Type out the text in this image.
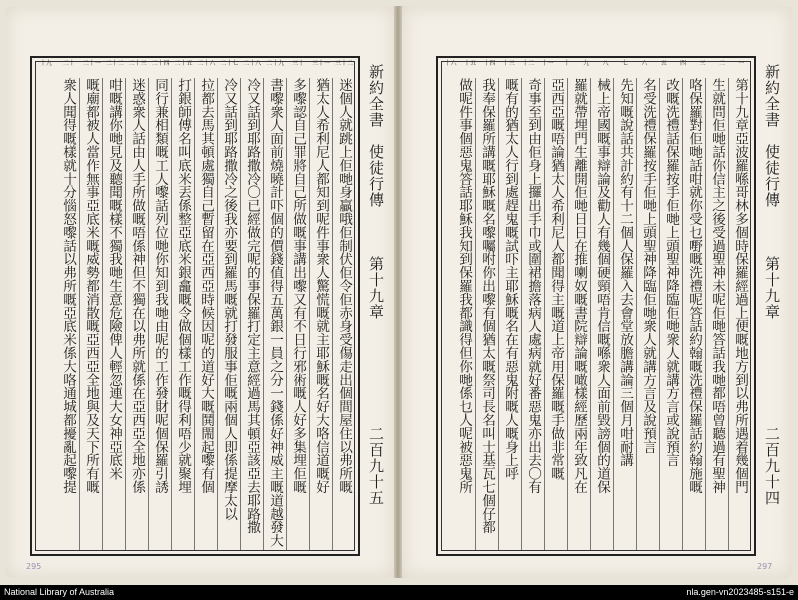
295
三十二
三十一
三十
二十九
二十八
二十七
二十六
二十五
二十四
二十三
二十二
二十一
二十
十九
迷個人就跳上佢哋身贏哦佢制伏佢令佢赤身受傷走出個間屋住以弗所嘅
猶太人希利尼人都知到呢件事衆人驚慌嘅就主耶穌嘅名好大咯信道嘅好
多嚟認自己罪將自己所做嘅事講出嚟又有不日行邪術嘅人好多集埋佢嘅
書嚟衆人面前燒曉計吓個的價錢值得五萬銀一員之分一錢係好神威主嘅道越發大
冷又話到耶路撒冷〇已經做完呢的事保羅打定主意經過馬其頓亞該亞去耶路撒
冷又話到耶路撒冷之後我亦要到羅馬嘅就打發服事佢嘅兩個人即係提摩太以
拉都去馬其頓處獨自己暫留在亞西亞時候因呢的道好大嘅鬨閙起嚟有個
打銀師傅名叫底米丟係整亞底米銀龕嘅令做個樣工作嘅得利唔少就聚埋
同行兼相類嘅工人嚟話列位哋你知到我哋由呢的工作發財呢個保羅引誘
迷惑衆人話由人手所做嘅唔係神但不獨在以弗所就係在亞西亞全地亦係
咁嘅講你哋見及聽聞嘅樣不獨我哋生意危險俾人輕忽連大女神亞底米
嘅廟都被人當作無事亞底米嘅威勢都消散嘅亞西亞全地與及天下所有嘅
衆人聞得嘅樣就十分惱怒嚟話以弗所嘅亞底米係大咯通城都擾亂起嚟提	新約全書
使徒行傳
第十九章
二百九十五
297
一
二
三
四
五
六
七
八
九
十
十一
十二
十三
十四
十五
十六
第十九章亞波羅喺哥林多個時保羅經過上便嘅地方到以弗所遇着幾個門
生就問佢哋話你信主之後受過聖神未呢佢哋答話我哋都唔曾聽過有聖神
咯保羅對佢哋話咁就你受乜嘢嘅洗禮呢答話約翰嘅洗禮保羅話約翰施嘅
改嘅洗禮話保羅按手佢哋上頭聖神降臨佢哋衆人就講方言或說預言
名受洗禮保羅按手佢哋上頭聖神降臨佢哋衆人就講方言及說預言
先知嘅說話共計約有十二個人保羅入去會堂放膽講論三個月咁耐講
械上帝國嘅事辯論及勸人有幾個硬頸唔肯信嘅喺衆人面前毀謗個的道保
羅就帶埋門生離開佢哋日日在推喇奴嘅書院辯論嘅噉樣經歷兩年致凡在
亞西亞嘅唔論猶太人希利尼人都聞得主嘅道上帝用保羅嘅手做非常嘅
奇事至到由佢身上攞出手巾或圍裙擔落病人處病就好番惡鬼亦出去〇有
嘅有的猶太人行到處趕鬼嘅試吓主耶穌嘅名在有惡鬼附嘅人嘅身上呼
我奉保羅所講嘅耶穌嘅名嚟囑咐你出嚟有個猶太嘅祭司長名叫士基瓦七個仔都
做呢件事個惡鬼答話耶穌我知到保羅我都識得但你哋係乜人呢被惡鬼所	新約全書
使徒行傳
第十九章
二百九十四
National Library of Australia	nla.gen-vn2023485-s151-e
